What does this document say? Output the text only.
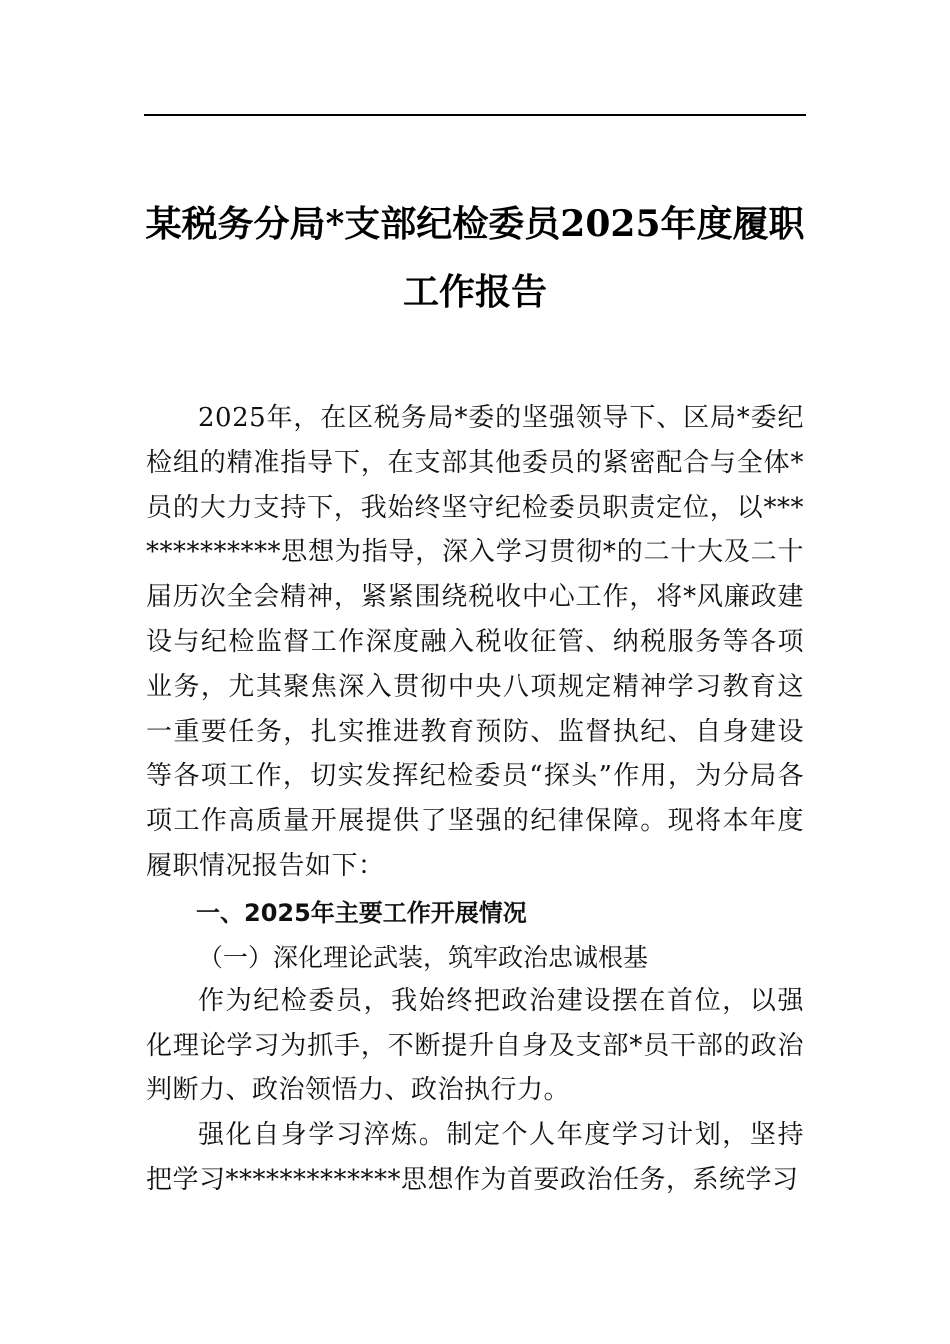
某税务分局*支部纪检委员2025年度履职
工作报告

2025年，在区税务局*委的坚强领导下、区局*委纪检组的精准指导下，在支部其他委员的紧密配合与全体*员的大力支持下，我始终坚守纪检委员职责定位，以*************思想为指导，深入学习贯彻*的二十大及二十届历次全会精神，紧紧围绕税收中心工作，将*风廉政建设与纪检监督工作深度融入税收征管、纳税服务等各项业务，尤其聚焦深入贯彻中央八项规定精神学习教育这一重要任务，扎实推进教育预防、监督执纪、自身建设等各项工作，切实发挥纪检委员“探头”作用，为分局各项工作高质量开展提供了坚强的纪律保障。现将本年度履职情况报告如下：

一、2025年主要工作开展情况

（一）深化理论武装，筑牢政治忠诚根基

作为纪检委员，我始终把政治建设摆在首位，以强化理论学习为抓手，不断提升自身及支部*员干部的政治判断力、政治领悟力、政治执行力。

强化自身学习淬炼。制定个人年度学习计划，坚持把学习*************思想作为首要政治任务，系统学习
